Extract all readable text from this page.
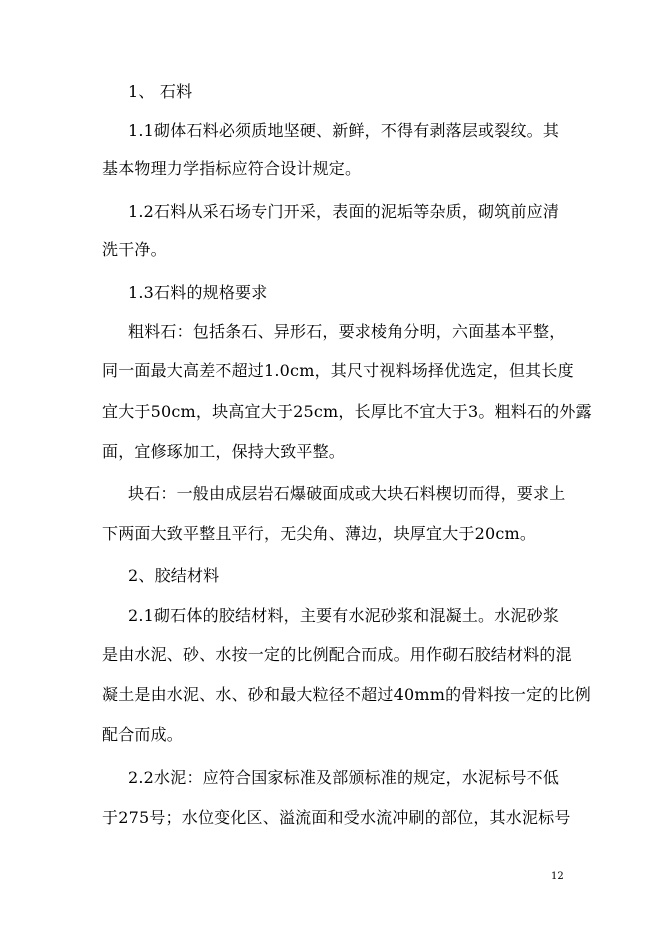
1、 石料
1.1砌体石料必须质地坚硬、新鲜，不得有剥落层或裂纹。其
基本物理力学指标应符合设计规定。
1.2石料从采石场专门开采，表面的泥垢等杂质，砌筑前应清
洗干净。
1.3石料的规格要求
粗料石：包括条石、异形石，要求棱角分明，六面基本平整，
同一面最大高差不超过1.0cm，其尺寸视料场择优选定，但其长度
宜大于50cm，块高宜大于25cm，长厚比不宜大于3。粗料石的外露
面，宜修琢加工，保持大致平整。
块石：一般由成层岩石爆破面成或大块石料楔切而得，要求上
下两面大致平整且平行，无尖角、薄边，块厚宜大于20cm。
2、胶结材料
2.1砌石体的胶结材料，主要有水泥砂浆和混凝土。水泥砂浆
是由水泥、砂、水按一定的比例配合而成。用作砌石胶结材料的混
凝土是由水泥、水、砂和最大粒径不超过40mm的骨料按一定的比例
配合而成。
2.2水泥：应符合国家标准及部颁标准的规定，水泥标号不低
于275号；水位变化区、溢流面和受水流冲刷的部位，其水泥标号
12
